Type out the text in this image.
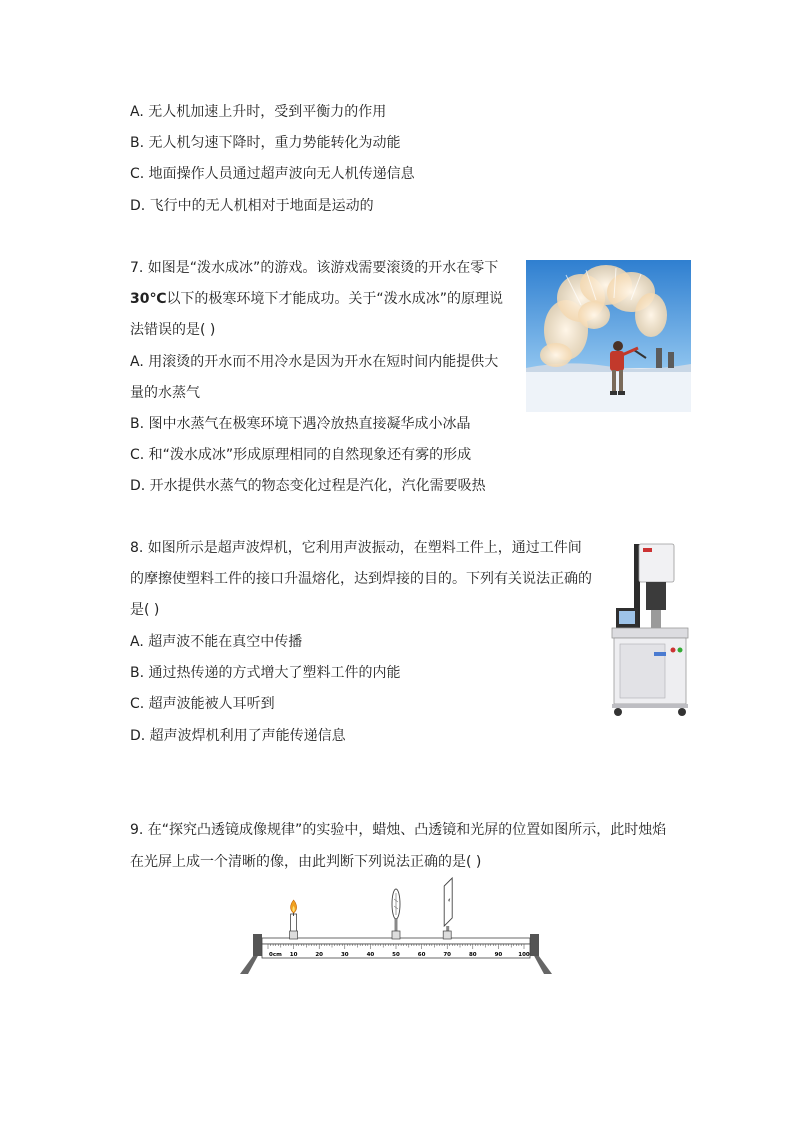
A. 无人机加速上升时，受到平衡力的作用
B. 无人机匀速下降时，重力势能转化为动能
C. 地面操作人员通过超声波向无人机传递信息
D. 飞行中的无人机相对于地面是运动的
7. 如图是“泼水成冰”的游戏。该游戏需要滚烫的开水在零下
30℃以下的极寒环境下才能成功。关于“泼水成冰”的原理说
法错误的是( )
A. 用滚烫的开水而不用冷水是因为开水在短时间内能提供大
量的水蒸气
B. 图中水蒸气在极寒环境下遇冷放热直接凝华成小冰晶
C. 和“泼水成冰”形成原理相同的自然现象还有雾的形成
D. 开水提供水蒸气的物态变化过程是汽化，汽化需要吸热
8. 如图所示是超声波焊机，它利用声波振动，在塑料工件上，通过工件间
的摩擦使塑料工件的接口升温熔化，达到焊接的目的。下列有关说法正确的
是( )
A. 超声波不能在真空中传播
B. 通过热传递的方式增大了塑料工件的内能
C. 超声波能被人耳听到
D. 超声波焊机利用了声能传递信息
9. 在“探究凸透镜成像规律”的实验中，蜡烛、凸透镜和光屏的位置如图所示，此时烛焰
在光屏上成一个清晰的像，由此判断下列说法正确的是( )
0cm 10	20	30	40	50	60	70	80	90	100
